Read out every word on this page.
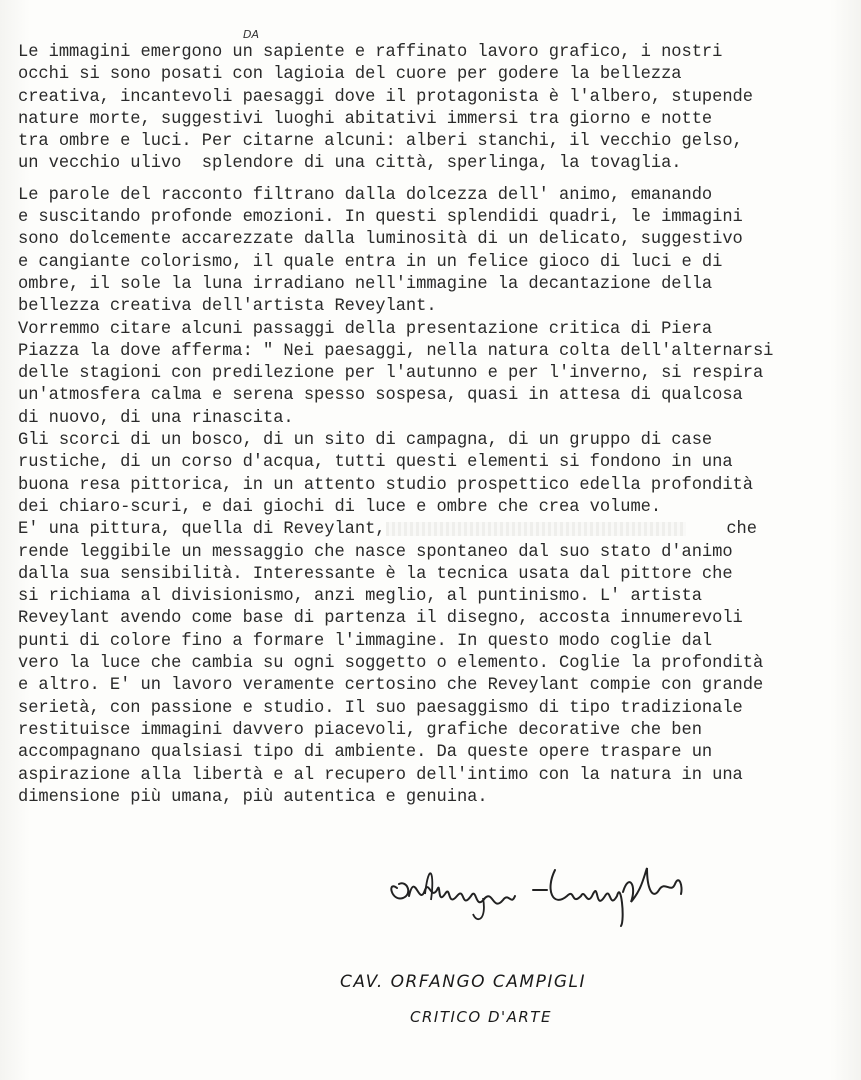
DA
Le immagini emergono un sapiente e raffinato lavoro grafico, i nostri
occhi si sono posati con lagioia del cuore per godere la bellezza
creativa, incantevoli paesaggi dove il protagonista è l'albero, stupende
nature morte, suggestivi luoghi abitativi immersi tra giorno e notte
tra ombre e luci. Per citarne alcuni: alberi stanchi, il vecchio gelso,
un vecchio ulivo  splendore di una città, sperlinga, la tovaglia.
Le parole del racconto filtrano dalla dolcezza dell' animo, emanando
e suscitando profonde emozioni. In questi splendidi quadri, le immagini
sono dolcemente accarezzate dalla luminosità di un delicato, suggestivo
e cangiante colorismo, il quale entra in un felice gioco di luci e di
ombre, il sole la luna irradiano nell'immagine la decantazione della
bellezza creativa dell'artista Reveylant.
Vorremmo citare alcuni passaggi della presentazione critica di Piera
Piazza la dove afferma: " Nei paesaggi, nella natura colta dell'alternarsi
delle stagioni con predilezione per l'autunno e per l'inverno, si respira
un'atmosfera calma e serena spesso sospesa, quasi in attesa di qualcosa
di nuovo, di una rinascita.
Gli scorci di un bosco, di un sito di campagna, di un gruppo di case
rustiche, di un corso d'acqua, tutti questi elementi si fondono in una
buona resa pittorica, in un attento studio prospettico edella profondità
dei chiaro-scuri, e dai giochi di luce e ombre che crea volume.
E' una pittura, quella di Reveylant,	che
rende leggibile un messaggio che nasce spontaneo dal suo stato d'animo
dalla sua sensibilità. Interessante è la tecnica usata dal pittore che
si richiama al divisionismo, anzi meglio, al puntinismo. L' artista
Reveylant avendo come base di partenza il disegno, accosta innumerevoli
punti di colore fino a formare l'immagine. In questo modo coglie dal
vero la luce che cambia su ogni soggetto o elemento. Coglie la profondità
e altro. E' un lavoro veramente certosino che Reveylant compie con grande
serietà, con passione e studio. Il suo paesaggismo di tipo tradizionale
restituisce immagini davvero piacevoli, grafiche decorative che ben
accompagnano qualsiasi tipo di ambiente. Da queste opere traspare un
aspirazione alla libertà e al recupero dell'intimo con la natura in una
dimensione più umana, più autentica e genuina.
CAV. ORFANGO CAMPIGLI
CRITICO D'ARTE
